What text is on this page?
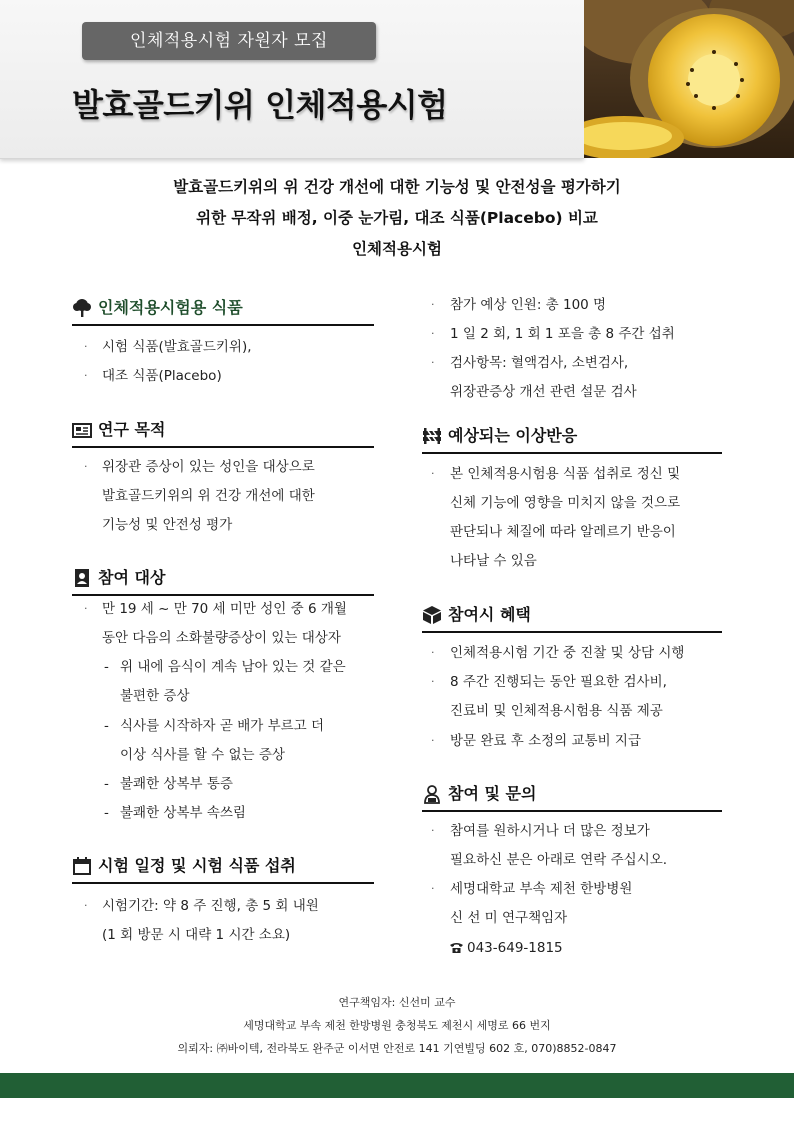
인체적용시험 자원자 모집
발효골드키위 인체적용시험
발효골드키위의 위 건강 개선에 대한 기능성 및 안전성을 평가하기
위한 무작위 배정, 이중 눈가림, 대조 식품(Placebo) 비교
인체적용시험
인체적용시험용 식품
· 시험 식품(발효골드키위),
· 대조 식품(Placebo)
연구 목적
· 위장관 증상이 있는 성인을 대상으로
발효골드키위의 위 건강 개선에 대한
기능성 및 안전성 평가
참여 대상
· 만 19 세 ~ 만 70 세 미만 성인 중 6 개월
동안 다음의 소화불량증상이 있는 대상자
- 위 내에 음식이 계속 남아 있는 것 같은
불편한 증상
- 식사를 시작하자 곧 배가 부르고 더
이상 식사를 할 수 없는 증상
- 불쾌한 상복부 통증
- 불쾌한 상복부 속쓰림
시험 일정 및 시험 식품 섭취
· 시험기간: 약 8 주 진행, 총 5 회 내원
(1 회 방문 시 대략 1 시간 소요)
· 참가 예상 인원: 총 100 명
· 1 일 2 회, 1 회 1 포을 총 8 주간 섭취
· 검사항목: 혈액검사, 소변검사,
위장관증상 개선 관련 설문 검사
예상되는 이상반응
· 본 인체적용시험용 식품 섭취로 정신 및
신체 기능에 영향을 미치지 않을 것으로
판단되나 체질에 따라 알레르기 반응이
나타날 수 있음
참여시 혜택
· 인체적용시험 기간 중 진찰 및 상담 시행
· 8 주간 진행되는 동안 필요한 검사비,
진료비 및 인체적용시험용 식품 제공
· 방문 완료 후 소정의 교통비 지급
참여 및 문의
· 참여를 원하시거나 더 많은 정보가
필요하신 분은 아래로 연락 주십시오.
· 세명대학교 부속 제천 한방병원
신 선 미 연구책임자
043-649-1815
연구책임자: 신선미 교수
세명대학교 부속 제천 한방병원 충청북도 제천시 세명로 66 번지
의뢰자: ㈜바이텍, 전라북도 완주군 이서면 안전로 141 기연빌딩 602 호, 070)8852-0847
